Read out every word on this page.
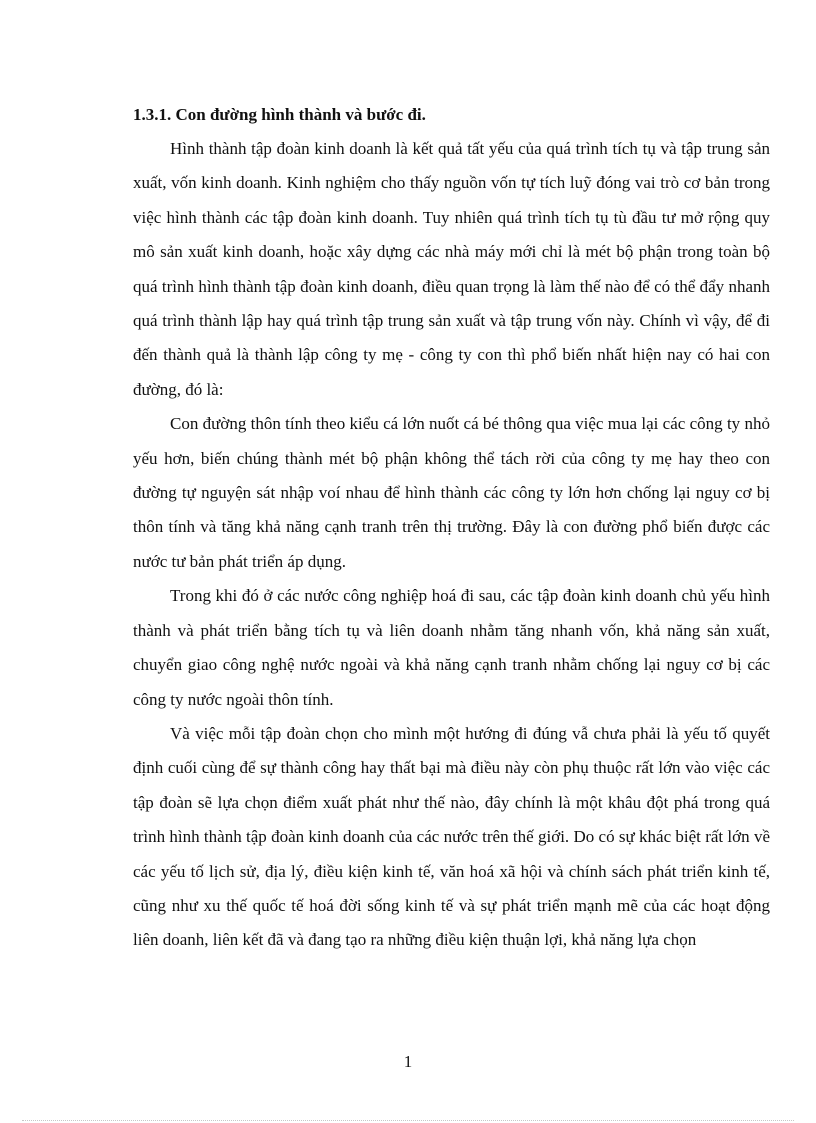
1.3.1. Con đường hình thành và bước đi.

Hình thành tập đoàn kinh doanh là kết quả tất yếu của quá trình tích tụ và tập trung sản xuất, vốn kinh doanh. Kinh nghiệm cho thấy nguồn vốn tự tích luỹ đóng vai trò cơ bản trong việc hình thành các tập đoàn kinh doanh. Tuy nhiên quá trình tích tụ tù đầu tư mở rộng quy mô sản xuất kinh doanh, hoặc xây dựng các nhà máy mới chỉ là mét bộ phận trong toàn bộ quá trình hình thành tập đoàn kinh doanh, điều quan trọng là làm thế nào để có thể đẩy nhanh quá trình thành lập hay quá trình tập trung sản xuất và tập trung vốn này. Chính vì vậy, để đi đến thành quả là thành lập công ty mẹ - công ty con thì phổ biến nhất hiện nay có hai con đường, đó là:

Con đường thôn tính theo kiểu cá lớn nuốt cá bé thông qua việc mua lại các công ty nhỏ yếu hơn, biến chúng thành mét bộ phận không thể tách rời của công ty mẹ hay theo con đường tự nguyện sát nhập voí nhau để hình thành các công ty lớn hơn chống lại nguy cơ bị thôn tính và tăng khả năng cạnh tranh trên thị trường. Đây là con đường phổ biến được các nước tư bản phát triển áp dụng.

Trong khi đó ở các nước công nghiệp hoá đi sau, các tập đoàn kinh doanh chủ yếu hình thành và phát triển bằng tích tụ và liên doanh nhằm tăng nhanh vốn, khả năng sản xuất, chuyển giao công nghệ nước ngoài và khả năng cạnh tranh nhằm chống lại nguy cơ bị các công ty nước ngoài thôn tính.

Và việc mỗi tập đoàn chọn cho mình một hướng đi đúng vẫ chưa phải là yếu tố quyết định cuối cùng để sự thành công hay thất bại mà điều này còn phụ thuộc rất lớn vào việc các tập đoàn sẽ lựa chọn điểm xuất phát như thế nào, đây chính là một khâu đột phá trong quá trình hình thành tập đoàn kinh doanh của các nước trên thế giới. Do có sự khác biệt rất lớn về các yếu tố lịch sử, địa lý, điều kiện kinh tế, văn hoá xã hội và chính sách phát triển kinh tế, cũng như xu thế quốc tế hoá đời sống kinh tế và sự phát triển mạnh mẽ của các hoạt động liên doanh, liên kết đã và đang tạo ra những điều kiện thuận lợi, khả năng lựa chọn

1
